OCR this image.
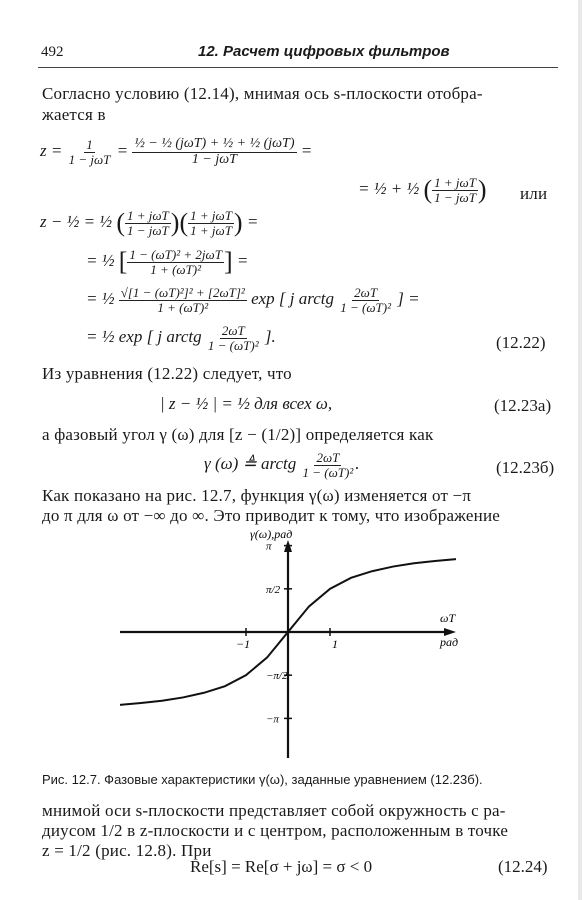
492	12. Расчет цифровых фильтров
Согласно условию (12.14), мнимая ось s-плоскости отобра-
жается в
$z = \frac{1}{\text{1 − jωT}} = \frac{\text{½ − ½ (jωT) + ½ + ½ (jωT)}}{\text{1 − jωT}}$ =
= ½ + ½ ( $\frac{\text{1 + jωT}}{\text{1 − jωT}}$ ) или
z − ½ = ½ ( $\frac{\text{1 + jωT}}{\text{1 − jωT}}$ )( $\frac{\text{1 + jωT}}{\text{1 + jωT}}$ ) =
= ½ [ $\frac{\text{1 − (ωT)² + 2jωT}}{\text{1 + (ωT)²}}$ ] =
= ½ $\frac{\text{√[1 − (ωT)²]² + [2ωT]²}}{\text{1 + (ωT)²}}$ exp [ j arctg $\frac{2\omega T}{\text{1 − (ωT)²}}$ ] =
= ½ exp [ j arctg $\frac{2\omega T}{\text{1 − (ωT)²}}$ ].	(12.22)
Из уравнения (12.22) следует, что
| z − ½ | = ½ для всех ω,	(12.23а)
а фазовый угол γ (ω) для [z − (1/2)] определяется как
γ (ω) ≜ arctg $\frac{2\omega T}{\text{1 − (ωT)²}}$ .	(12.23б)
Как показано на рис. 12.7, функция γ(ω) изменяется от −π
до π для ω от −∞ до ∞. Это приводит к тому, что изображение
−1	1
π
π/2
−π/2
−π
γ(ω),рад
ωT
рад
Рис. 12.7. Фазовые характеристики γ(ω), заданные уравнением (12.23б).
мнимой оси s-плоскости представляет собой окружность с ра-
диусом 1/2 в z-плоскости и с центром, расположенным в точке
z = 1/2 (рис. 12.8). При
Re[s] = Re[σ + jω] = σ < 0	(12.24)
